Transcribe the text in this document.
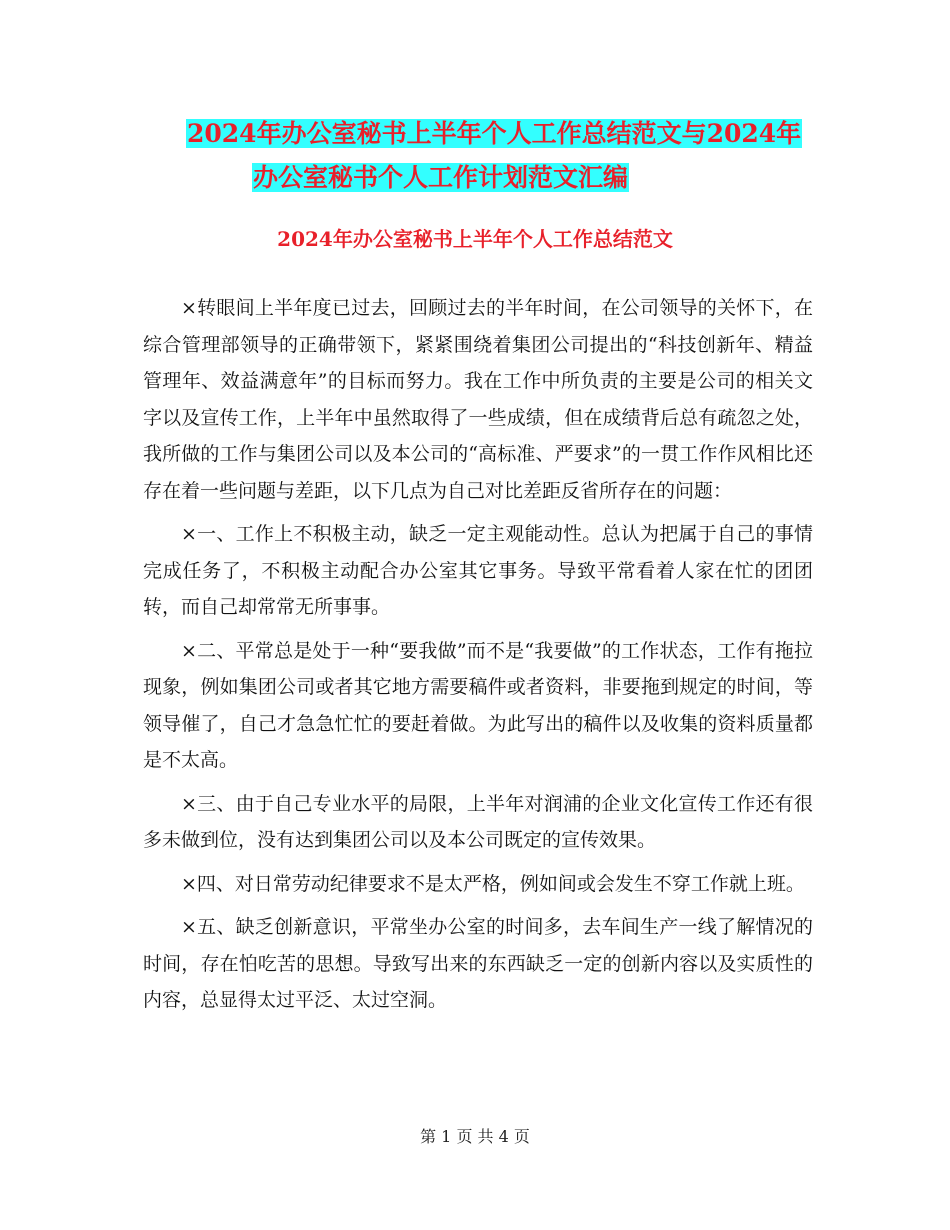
2024年办公室秘书上半年个人工作总结范文与2024年
办公室秘书个人工作计划范文汇编
2024年办公室秘书上半年个人工作总结范文

×转眼间上半年度已过去，回顾过去的半年时间，在公司领导的关怀下，在综合管理部领导的正确带领下，紧紧围绕着集团公司提出的“科技创新年、精益管理年、效益满意年”的目标而努力。我在工作中所负责的主要是公司的相关文字以及宣传工作，上半年中虽然取得了一些成绩，但在成绩背后总有疏忽之处，我所做的工作与集团公司以及本公司的“高标准、严要求”的一贯工作作风相比还存在着一些问题与差距，以下几点为自己对比差距反省所存在的问题：

×一、工作上不积极主动，缺乏一定主观能动性。总认为把属于自己的事情完成任务了，不积极主动配合办公室其它事务。导致平常看着人家在忙的团团转，而自己却常常无所事事。

×二、平常总是处于一种“要我做”而不是“我要做”的工作状态，工作有拖拉现象，例如集团公司或者其它地方需要稿件或者资料，非要拖到规定的时间，等领导催了，自己才急急忙忙的要赶着做。为此写出的稿件以及收集的资料质量都是不太高。

×三、由于自己专业水平的局限，上半年对润浦的企业文化宣传工作还有很多未做到位，没有达到集团公司以及本公司既定的宣传效果。

×四、对日常劳动纪律要求不是太严格，例如间或会发生不穿工作就上班。

×五、缺乏创新意识，平常坐办公室的时间多，去车间生产一线了解情况的时间，存在怕吃苦的思想。导致写出来的东西缺乏一定的创新内容以及实质性的内容，总显得太过平泛、太过空洞。

第 1 页 共 4 页
